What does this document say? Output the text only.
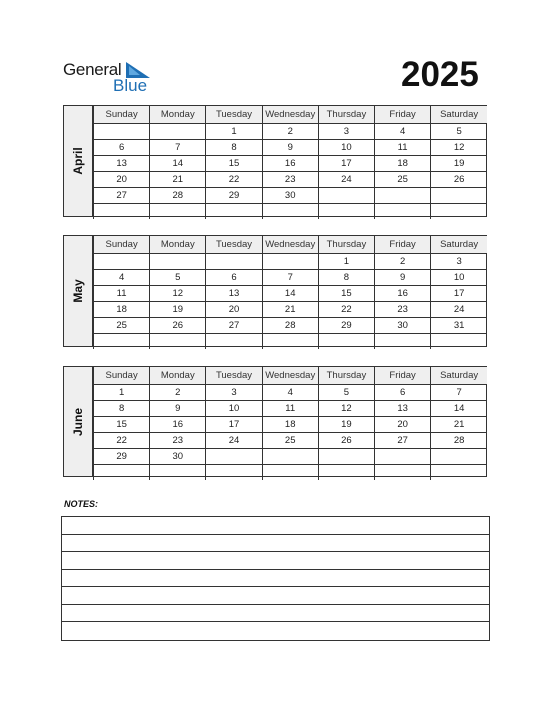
General
Blue	2025
April
Sunday	Monday	Tuesday	Wednesday	Thursday	Friday	Saturday
		1	2	3	4	5
6	7	8	9	10	11	12
13	14	15	16	17	18	19
20	21	22	23	24	25	26
27	28	29	30			

May
Sunday	Monday	Tuesday	Wednesday	Thursday	Friday	Saturday
				1	2	3
4	5	6	7	8	9	10
11	12	13	14	15	16	17
18	19	20	21	22	23	24
25	26	27	28	29	30	31

June
Sunday	Monday	Tuesday	Wednesday	Thursday	Friday	Saturday
1	2	3	4	5	6	7
8	9	10	11	12	13	14
15	16	17	18	19	20	21
22	23	24	25	26	27	28
29	30					

NOTES:
